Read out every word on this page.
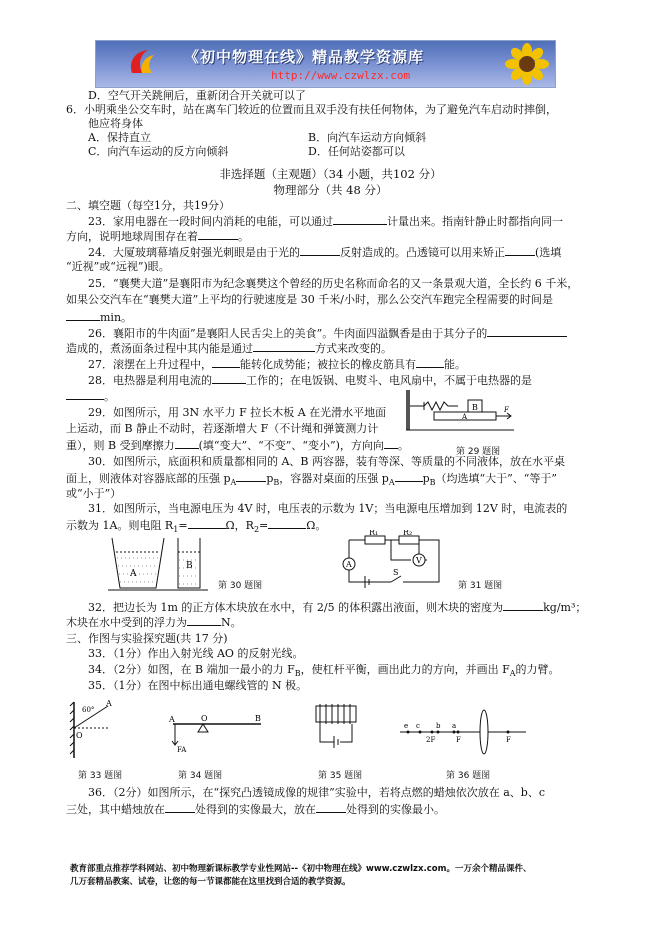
《初中物理在线》精品教学资源库
http://www.czwlzx.com
D．空气开关跳闸后，重新闭合开关就可以了
6．小明乘坐公交车时，站在离车门较近的位置而且双手没有扶任何物体，为了避免汽车启动时摔倒，
他应将身体
A．保持直立	B．向汽车运动方向倾斜
C．向汽车运动的反方向倾斜	D．任何站姿都可以
非选择题（主观题）（34 小题，共102 分）
物理部分（共 48 分）
二、填空题（每空1分，共19分）
23．家用电器在一段时间内消耗的电能，可以通过	计量出来。指南针静止时都指向同一
方向，说明地球周围存在着	。
24．大厦玻璃幕墙反射强光刺眼是由于光的	反射造成的。凸透镜可以用来矫正	(选填
“近视”或“远视”)眼。
25．“襄樊大道”是襄阳市为纪念襄樊这个曾经的历史名称而命名的又一条景观大道，全长约 6 千米，
如果公交汽车在“襄樊大道”上平均的行驶速度是 30 千米/小时，那么公交汽车跑完全程需要的时间是
min。
26．襄阳市的牛肉面”是襄阳人民舌尖上的美食”。牛肉面四溢飘香是由于其分子的
造成的，煮汤面条过程中其内能是通过	方式来改变的。
27．滚摆在上升过程中，	能转化成势能；被拉长的橡皮筋具有	能。
28．电热器是利用电流的	工作的；在电饭锅、电熨斗、电风扇中，不属于电热器的是
。
29．如图所示，用 3N 水平力 F 拉长木板 A 在光滑水平地面
上运动，而 B 静止不动时，若逐渐增大 F（不计绳和弹簧测力计
重），则 B 受到摩擦力 (填“变大”、“不变”、“变小”)，方向向 。
B
A
F
第 29 题图
30．如图所示，底面积和质量都相同的 A、B 两容器，装有等深、等质量的不同液体，放在水平桌
面上，则液体对容器底部的压强 $p_A$	$p_B$，容器对桌面的压强 $p_A$	$p_B$（均选填“大于”、“等于”
或“小于”）
31．如图所示，当电源电压为 4V 时，电压表的示数为 1V；当电源电压增加到 12V 时，电流表的
示数为 1A。则电阻 $R_1=$	Ω，$R_2=$	Ω。
A
B
第 30 题图
R₁	R₂
A	V
S
第 31 题图
32．把边长为 1m 的正方体木块放在水中，有 2/5 的体积露出液面，则木块的密度为	kg/m³；
木块在水中受到的浮力为	N。
三、作图与实验探究题(共 17 分)
33．（1分）作出入射光线 AO 的反射光线。
34．（2分）如图，在 B 端加一最小的力 $F_B$，使杠杆平衡，画出此力的方向，并画出 $F_A$的力臂。
35．（1分）在图中标出通电螺线管的 N 极。
A
60°
O
第 33 题图
A	O	B
FA
第 34 题图	第 35 题图
e c b a
2F	F	F
第 36 题图
36．（2分）如图所示，在“探究凸透镜成像的规律”实验中，若将点燃的蜡烛依次放在 a、b、c
三处，其中蜡烛放在	处得到的实像最大，放在	处得到的实像最小。
教育部重点推荐学科网站、初中物理新课标教学专业性网站--《初中物理在线》www.czwlzx.com。一万余个精品课件、
几万套精品教案、试卷，让您的每一节课都能在这里找到合适的教学资源。
